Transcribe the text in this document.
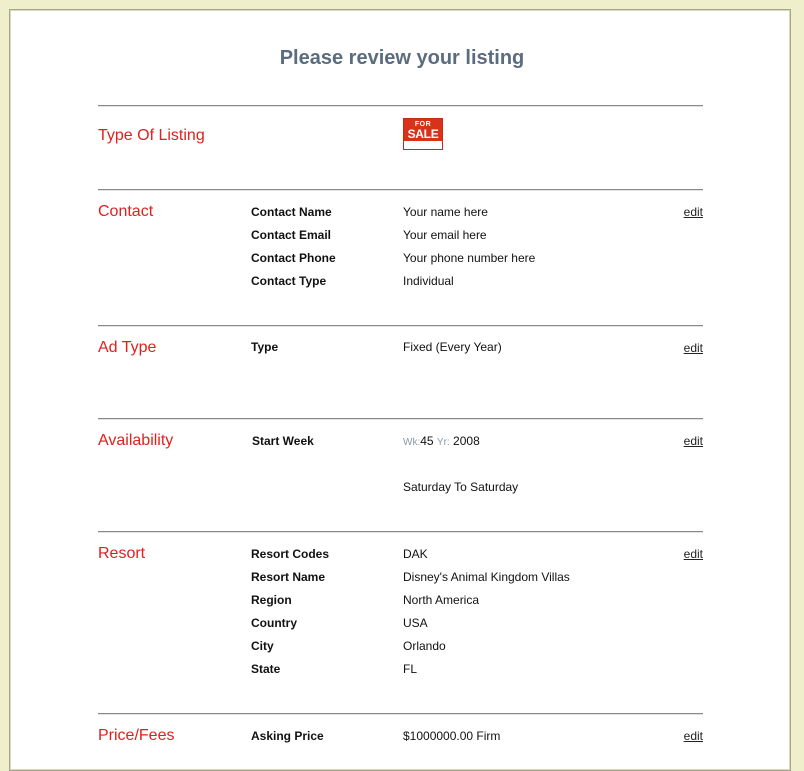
Please review your listing
Type Of Listing
FOR
SALE
Contact	edit
Contact Name	Your name here
Contact Email	Your email here
Contact Phone	Your phone number here
Contact Type	Individual
Ad Type	edit
Type	Fixed (Every Year)
Availability	edit
Start Week	Wk:45 Yr: 2008
Saturday To Saturday
Resort	edit
Resort Codes	DAK
Resort Name	Disney's Animal Kingdom Villas
Region	North America
Country	USA
City	Orlando
State	FL
Price/Fees	edit
Asking Price	$1000000.00 Firm
